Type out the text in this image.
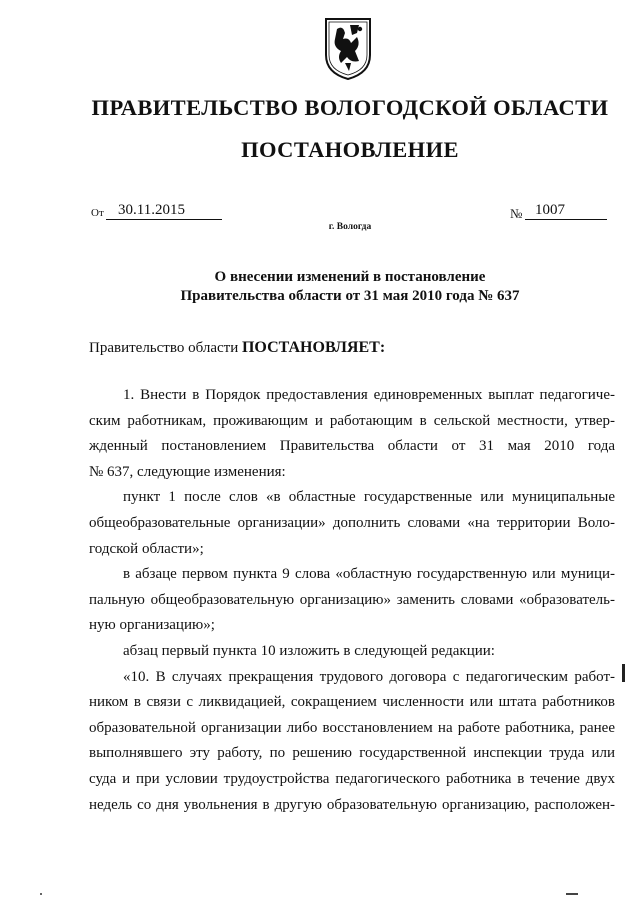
ПРАВИТЕЛЬСТВО ВОЛОГОДСКОЙ ОБЛАСТИ
ПОСТАНОВЛЕНИЕ
От 30.11.2015	№ 1007
г. Вологда
О внесении изменений в постановление
Правительства области от 31 мая 2010 года № 637
Правительство области ПОСТАНОВЛЯЕТ:
1. Внести в Порядок предоставления единовременных выплат педагогиче-
ским работникам, проживающим и работающим в сельской местности, утвер-
жденный постановлением Правительства области от 31 мая 2010 года
№ 637, следующие изменения:
пункт 1 после слов «в областные государственные или муниципальные
общеобразовательные организации» дополнить словами «на территории Воло-
годской области»;
в абзаце первом пункта 9 слова «областную государственную или муници-
пальную общеобразовательную организацию» заменить словами «образователь-
ную организацию»;
абзац первый пункта 10 изложить в следующей редакции:
«10. В случаях прекращения трудового договора с педагогическим работ-
ником в связи с ликвидацией, сокращением численности или штата работников
образовательной организации либо восстановлением на работе работника, ранее
выполнявшего эту работу, по решению государственной инспекции труда или
суда и при условии трудоустройства педагогического работника в течение двух
недель со дня увольнения в другую образовательную организацию, расположен-
